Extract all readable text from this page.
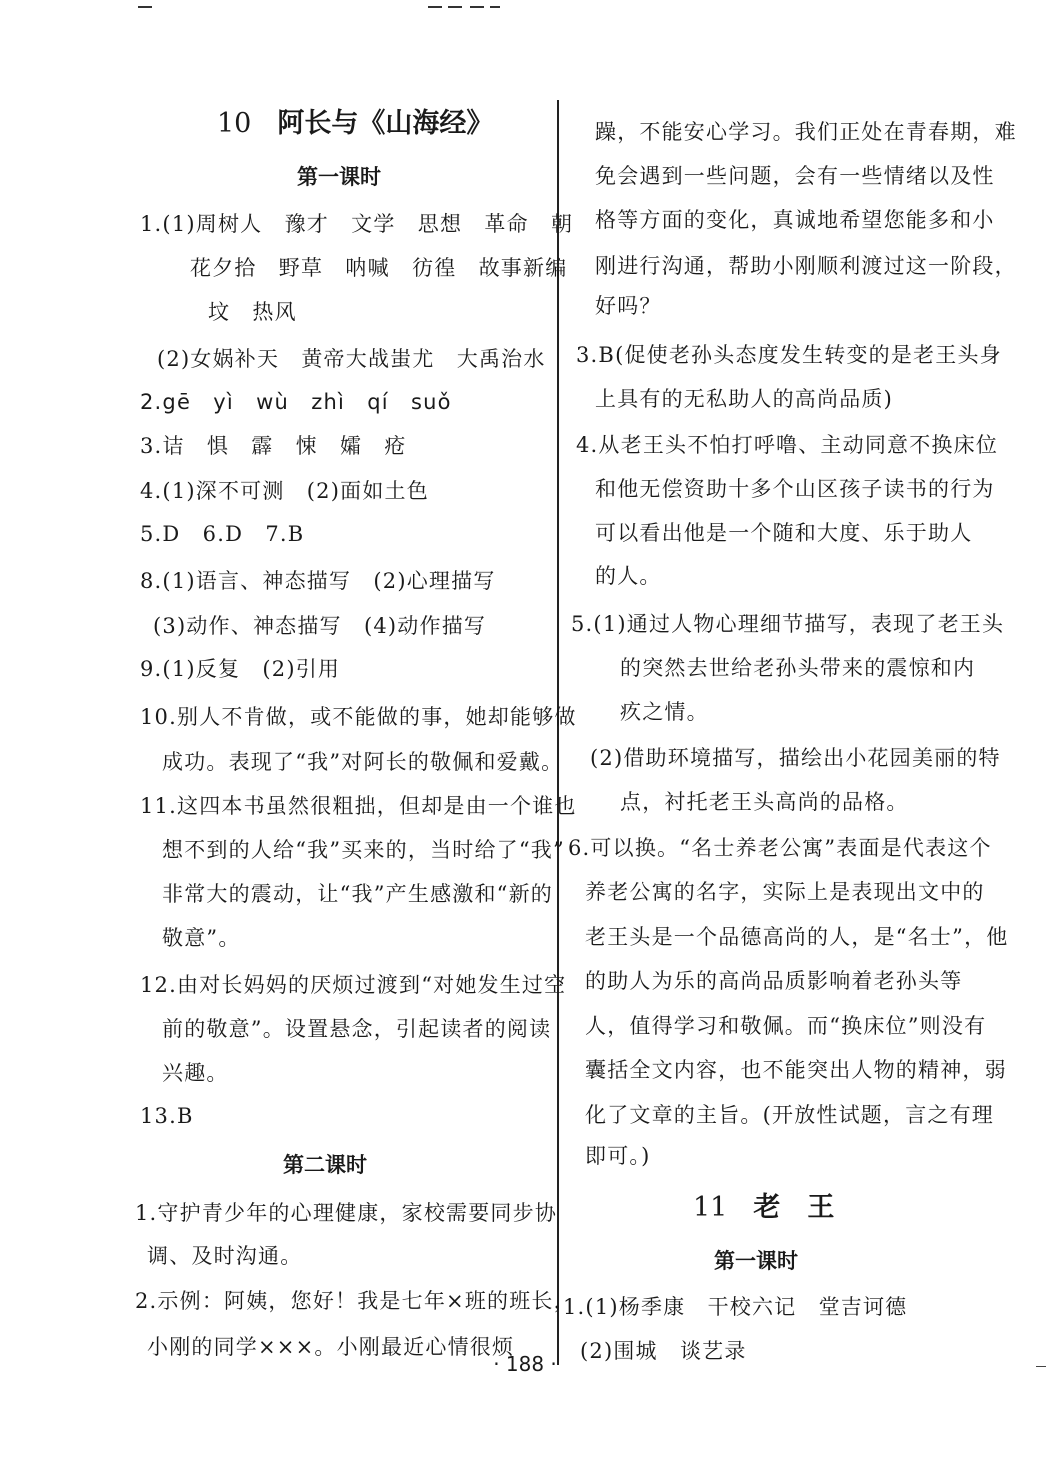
10 阿长与《山海经》
第一课时
1.(1)周树人　豫才　文学　思想　革命　朝
花夕拾　野草　呐喊　彷徨　故事新编
坟　热风
(2)女娲补天　黄帝大战蚩尤　大禹治水
2.gē　yì　wù　zhì　qí　suǒ
3.诘　惧　霹　悚　孀　疮
4.(1)深不可测　(2)面如土色
5.D　6.D　7.B
8.(1)语言、神态描写　(2)心理描写
(3)动作、神态描写　(4)动作描写
9.(1)反复　(2)引用
10.别人不肯做，或不能做的事，她却能够做
成功。表现了“我”对阿长的敬佩和爱戴。
11.这四本书虽然很粗拙，但却是由一个谁也
想不到的人给“我”买来的，当时给了“我”
非常大的震动，让“我”产生感激和“新的
敬意”。
12.由对长妈妈的厌烦过渡到“对她发生过空
前的敬意”。设置悬念，引起读者的阅读
兴趣。
13.B
第二课时
1.守护青少年的心理健康，家校需要同步协
调、及时沟通。
2.示例：阿姨，您好！我是七年×班的班长，
小刚的同学×××。小刚最近心情很烦
躁，不能安心学习。我们正处在青春期，难
免会遇到一些问题，会有一些情绪以及性
格等方面的变化，真诚地希望您能多和小
刚进行沟通，帮助小刚顺利渡过这一阶段，
好吗？
3.B(促使老孙头态度发生转变的是老王头身
上具有的无私助人的高尚品质)
4.从老王头不怕打呼噜、主动同意不换床位
和他无偿资助十多个山区孩子读书的行为
可以看出他是一个随和大度、乐于助人
的人。
5.(1)通过人物心理细节描写，表现了老王头
的突然去世给老孙头带来的震惊和内
疚之情。
(2)借助环境描写，描绘出小花园美丽的特
点，衬托老王头高尚的品格。
6.可以换。“名士养老公寓”表面是代表这个
养老公寓的名字，实际上是表现出文中的
老王头是一个品德高尚的人，是“名士”，他
的助人为乐的高尚品质影响着老孙头等
人，值得学习和敬佩。而“换床位”则没有
囊括全文内容，也不能突出人物的精神，弱
化了文章的主旨。(开放性试题，言之有理
即可。)
11 老　王
第一课时
1.(1)杨季康　干校六记　堂吉诃德
(2)围城　谈艺录
· 188 ·
